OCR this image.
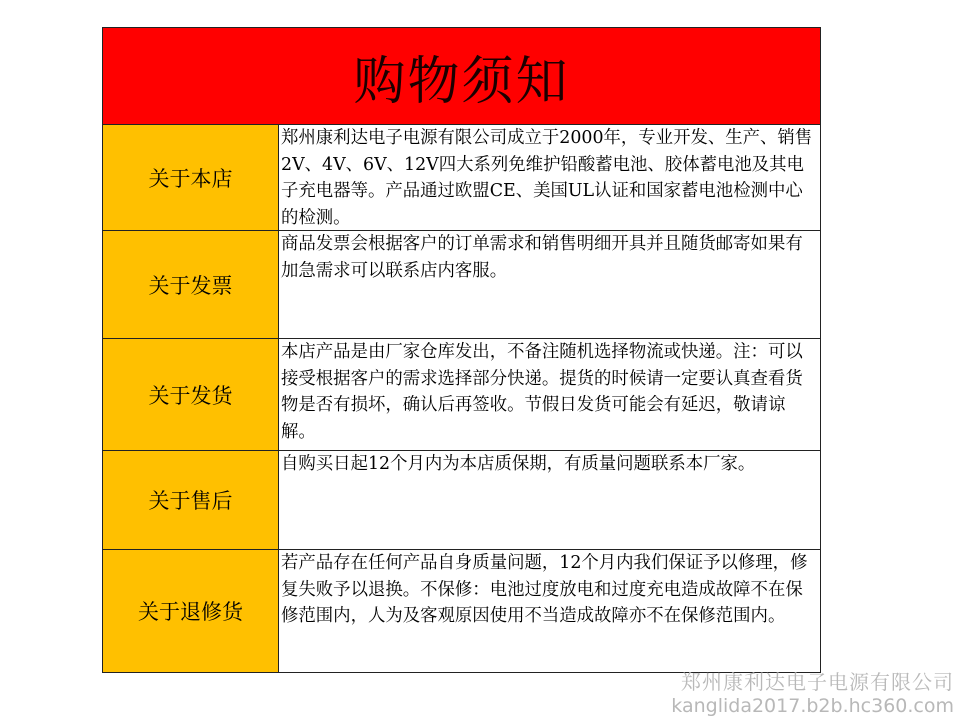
购物须知
关于本店
郑州康利达电子电源有限公司成立于2000年，专业开发、生产、销售2V、4V、6V、12V四大系列免维护铅酸蓄电池、胶体蓄电池及其电子充电器等。产品通过欧盟CE、美国UL认证和国家蓄电池检测中心的检测。
关于发票
商品发票会根据客户的订单需求和销售明细开具并且随货邮寄如果有加急需求可以联系店内客服。
关于发货
本店产品是由厂家仓库发出，不备注随机选择物流或快递。注：可以接受根据客户的需求选择部分快递。提货的时候请一定要认真查看货物是否有损坏，确认后再签收。节假日发货可能会有延迟，敬请谅解。
关于售后
自购买日起12个月内为本店质保期，有质量问题联系本厂家。
关于退修货
若产品存在任何产品自身质量问题，12个月内我们保证予以修理，修复失败予以退换。不保修：电池过度放电和过度充电造成故障不在保修范围内，人为及客观原因使用不当造成故障亦不在保修范围内。
郑州康利达电子电源有限公司
kanglida2017.b2b.hc360.com
